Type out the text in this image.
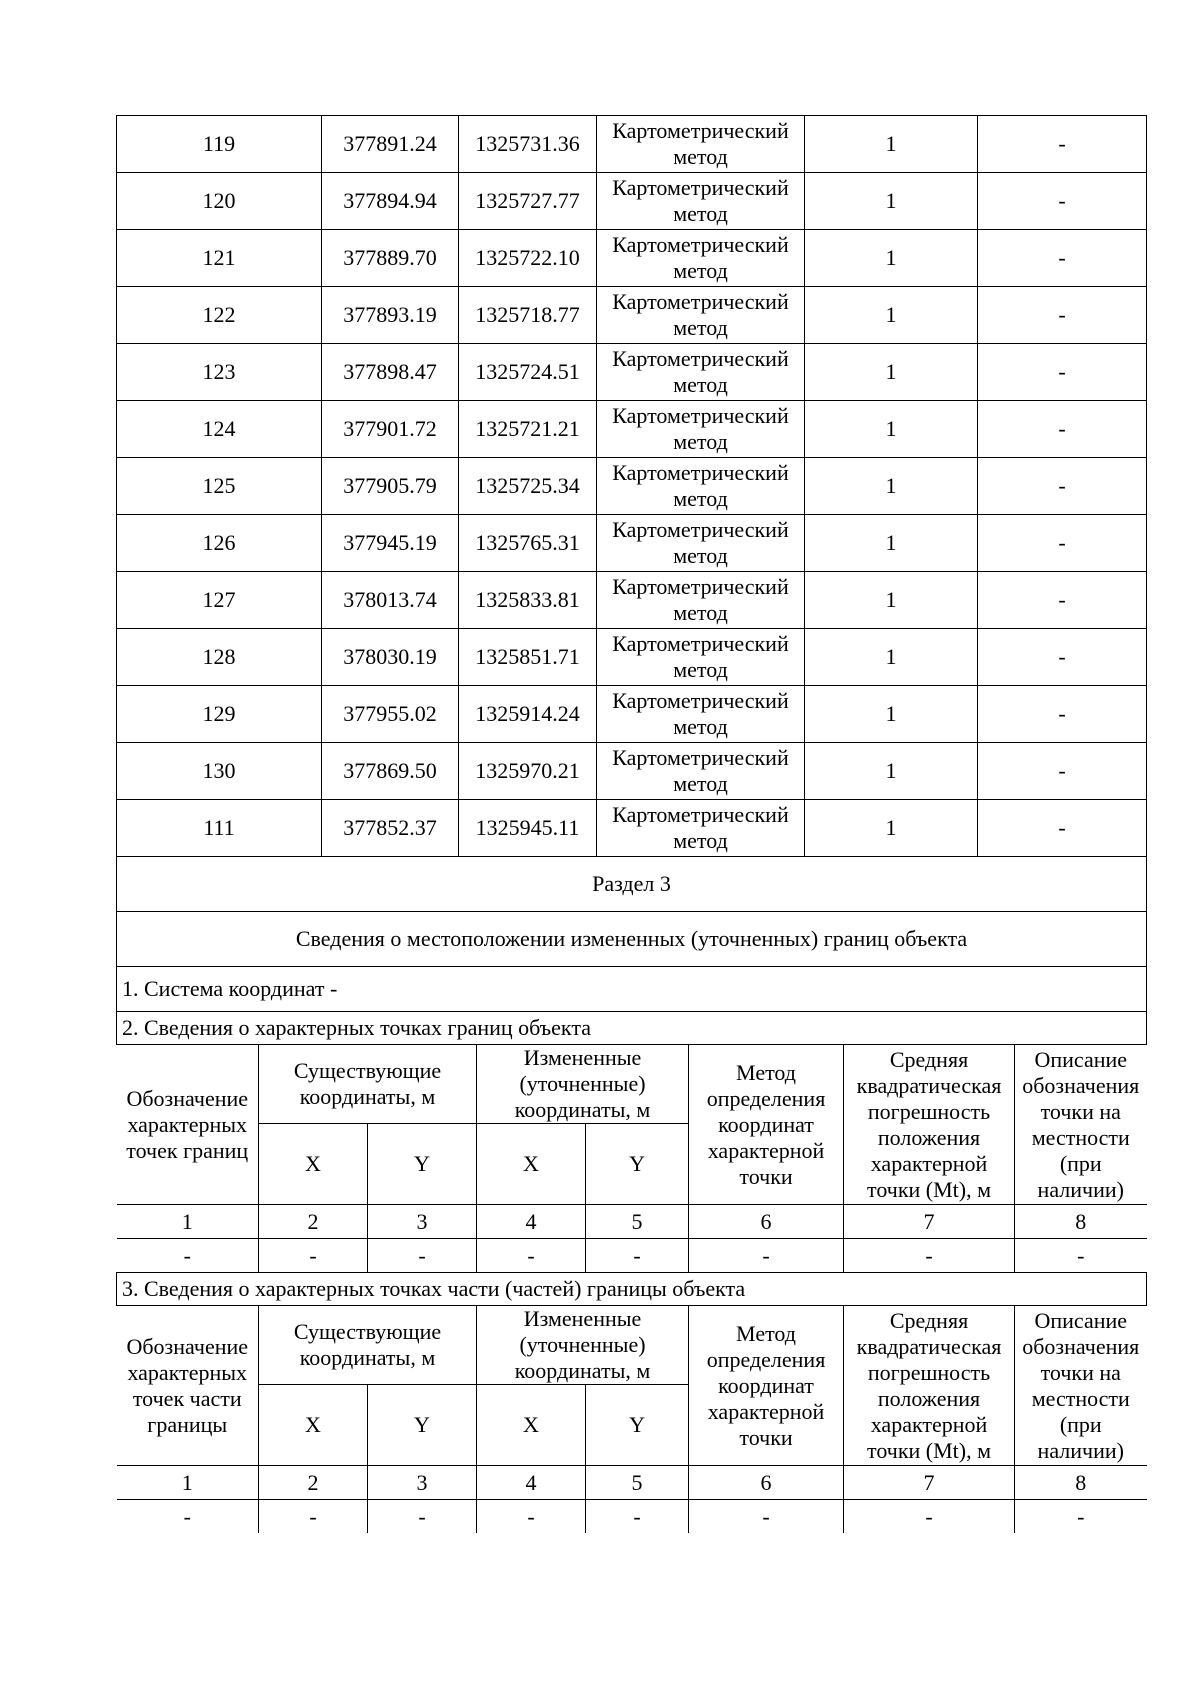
119	377891.24	1325731.36	Картометрический метод	1	-
120	377894.94	1325727.77	Картометрический метод	1	-
121	377889.70	1325722.10	Картометрический метод	1	-
122	377893.19	1325718.77	Картометрический метод	1	-
123	377898.47	1325724.51	Картометрический метод	1	-
124	377901.72	1325721.21	Картометрический метод	1	-
125	377905.79	1325725.34	Картометрический метод	1	-
126	377945.19	1325765.31	Картометрический метод	1	-
127	378013.74	1325833.81	Картометрический метод	1	-
128	378030.19	1325851.71	Картометрический метод	1	-
129	377955.02	1325914.24	Картометрический метод	1	-
130	377869.50	1325970.21	Картометрический метод	1	-
111	377852.37	1325945.11	Картометрический метод	1	-
Раздел 3
Сведения о местоположении измененных (уточненных) границ объекта
1. Система координат -
2. Сведения о характерных точках границ объекта

Обозначение характерных точек границ	Существующие координаты, м	Измененные (уточненные) координаты, м	Метод определения координат характерной точки	Средняя квадратическая погрешность положения характерной точки (Mt), м	Описание обозначения точки на местности (при наличии)
X	Y	X	Y
1	2	3	4	5	6	7	8
-	-	-	-	-	-	-	-

3. Сведения о характерных точках части (частей) границы объекта

Обозначение характерных точек части границы	Существующие координаты, м	Измененные (уточненные) координаты, м	Метод определения координат характерной точки	Средняя квадратическая погрешность положения характерной точки (Mt), м	Описание обозначения точки на местности (при наличии)
X	Y	X	Y
1	2	3	4	5	6	7	8
-	-	-	-	-	-	-	-
